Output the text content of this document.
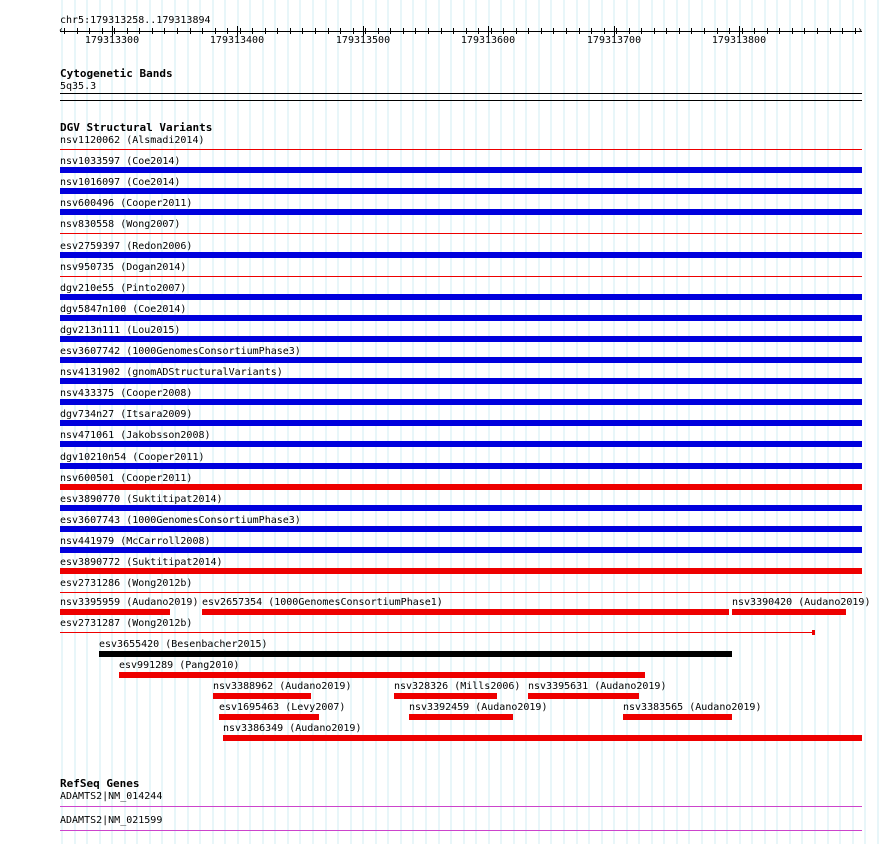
chr5:179313258..179313894
‹	›
179313300	179313400	179313500	179313600	179313700	179313800
Cytogenetic Bands
5q35.3
DGV Structural Variants
nsv1120062 (Alsmadi2014)
nsv1033597 (Coe2014)
nsv1016097 (Coe2014)
nsv600496 (Cooper2011)
nsv830558 (Wong2007)
esv2759397 (Redon2006)
nsv950735 (Dogan2014)
dgv210e55 (Pinto2007)
dgv5847n100 (Coe2014)
dgv213n111 (Lou2015)
esv3607742 (1000GenomesConsortiumPhase3)
nsv4131902 (gnomADStructuralVariants)
nsv433375 (Cooper2008)
dgv734n27 (Itsara2009)
nsv471061 (Jakobsson2008)
dgv10210n54 (Cooper2011)
nsv600501 (Cooper2011)
esv3890770 (Suktitipat2014)
esv3607743 (1000GenomesConsortiumPhase3)
nsv441979 (McCarroll2008)
esv3890772 (Suktitipat2014)
esv2731286 (Wong2012b)
nsv3395959 (Audano2019) esv2657354 (1000GenomesConsortiumPhase1)	nsv3390420 (Audano2019)
esv2731287 (Wong2012b)
esv3655420 (Besenbacher2015)
esv991289 (Pang2010)
nsv3388962 (Audano2019)	nsv328326 (Mills2006) nsv3395631 (Audano2019)
esv1695463 (Levy2007)	nsv3392459 (Audano2019)	nsv3383565 (Audano2019)
nsv3386349 (Audano2019)
RefSeq Genes
ADAMTS2|NM_014244
ADAMTS2|NM_021599
